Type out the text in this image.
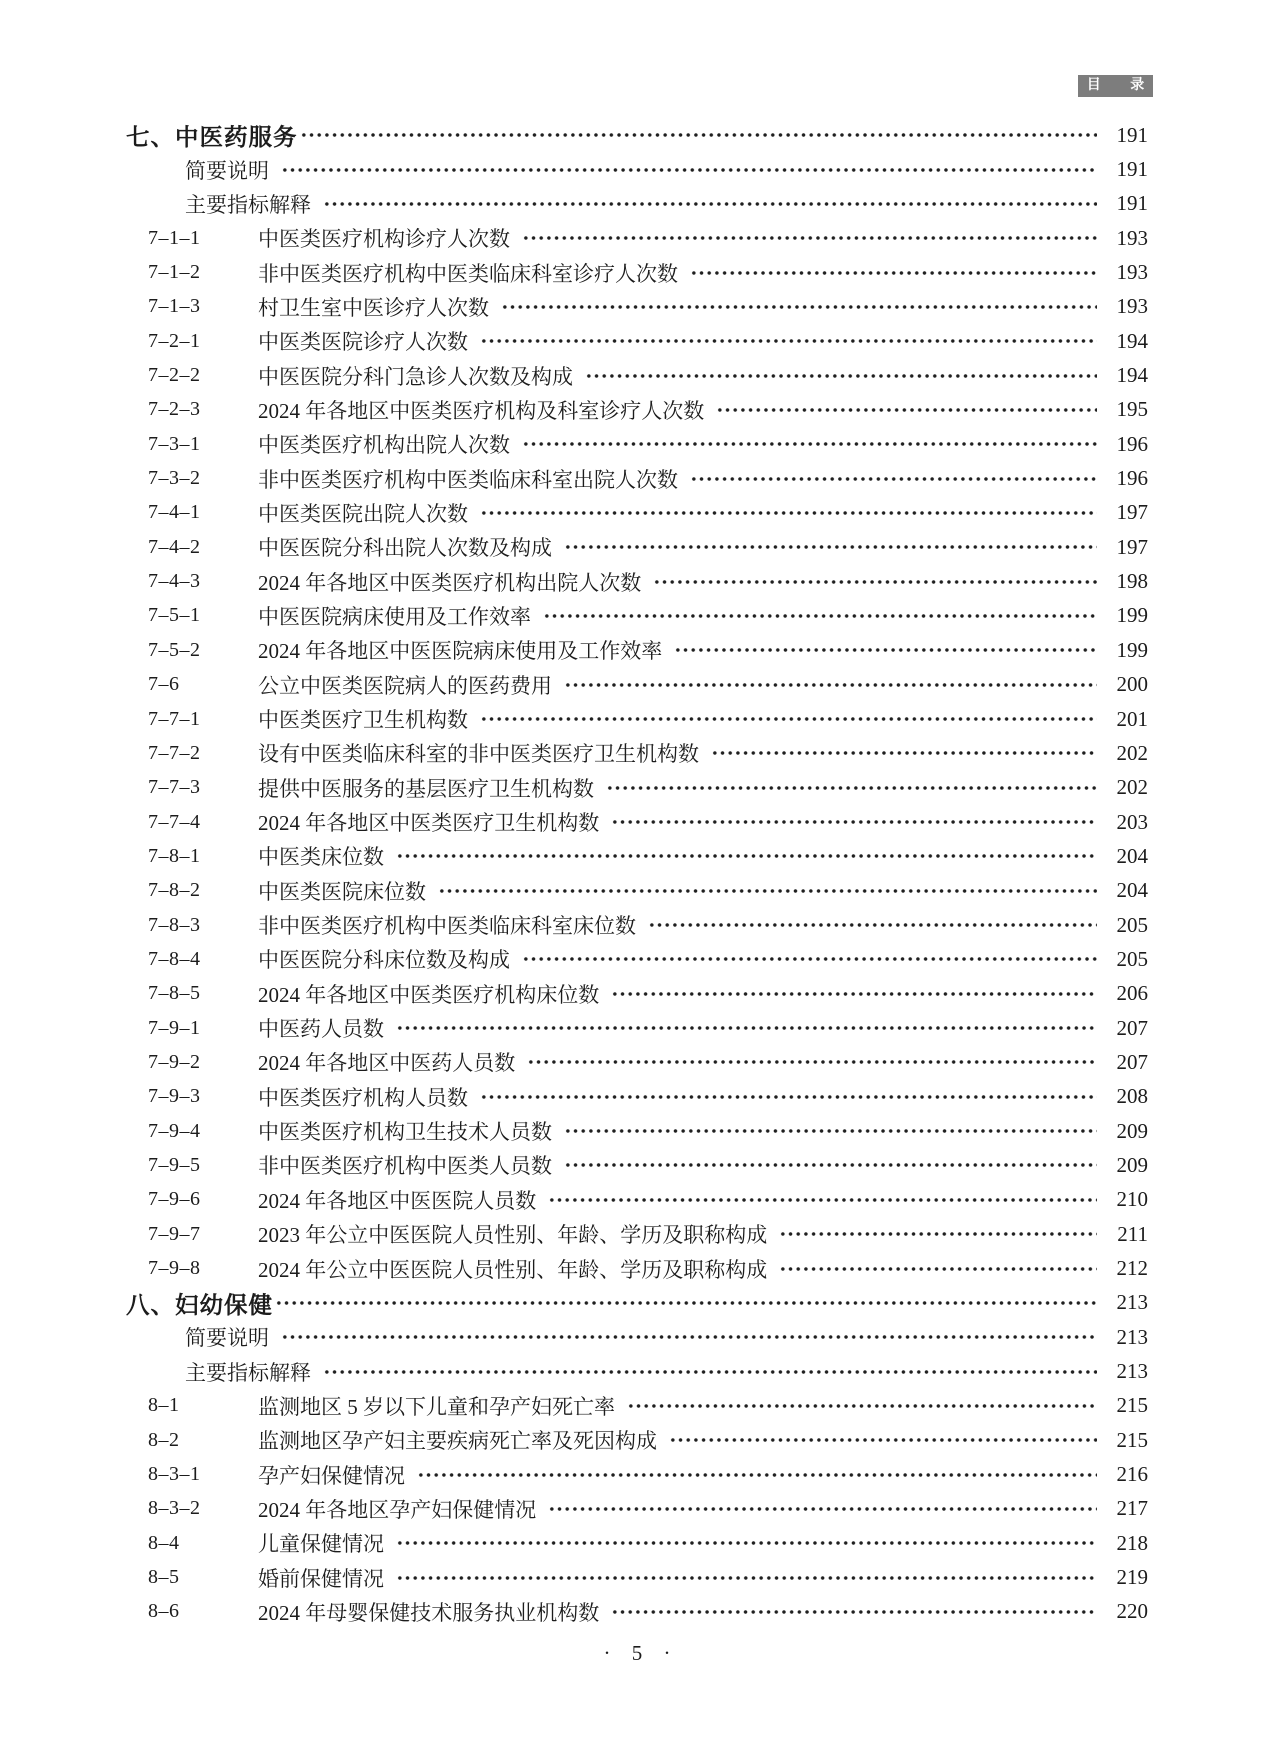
目 录
七、中医药服务	191
简要说明	191
主要指标解释	191
7–1–1	中医类医疗机构诊疗人次数	193
7–1–2	非中医类医疗机构中医类临床科室诊疗人次数	193
7–1–3	村卫生室中医诊疗人次数	193
7–2–1	中医类医院诊疗人次数	194
7–2–2	中医医院分科门急诊人次数及构成	194
7–2–3	2024 年各地区中医类医疗机构及科室诊疗人次数	195
7–3–1	中医类医疗机构出院人次数	196
7–3–2	非中医类医疗机构中医类临床科室出院人次数	196
7–4–1	中医类医院出院人次数	197
7–4–2	中医医院分科出院人次数及构成	197
7–4–3	2024 年各地区中医类医疗机构出院人次数	198
7–5–1	中医医院病床使用及工作效率	199
7–5–2	2024 年各地区中医医院病床使用及工作效率	199
7–6	公立中医类医院病人的医药费用	200
7–7–1	中医类医疗卫生机构数	201
7–7–2	设有中医类临床科室的非中医类医疗卫生机构数	202
7–7–3	提供中医服务的基层医疗卫生机构数	202
7–7–4	2024 年各地区中医类医疗卫生机构数	203
7–8–1	中医类床位数	204
7–8–2	中医类医院床位数	204
7–8–3	非中医类医疗机构中医类临床科室床位数	205
7–8–4	中医医院分科床位数及构成	205
7–8–5	2024 年各地区中医类医疗机构床位数	206
7–9–1	中医药人员数	207
7–9–2	2024 年各地区中医药人员数	207
7–9–3	中医类医疗机构人员数	208
7–9–4	中医类医疗机构卫生技术人员数	209
7–9–5	非中医类医疗机构中医类人员数	209
7–9–6	2024 年各地区中医医院人员数	210
7–9–7	2023 年公立中医医院人员性别、年龄、学历及职称构成	211
7–9–8	2024 年公立中医医院人员性别、年龄、学历及职称构成	212
八、妇幼保健	213
简要说明	213
主要指标解释	213
8–1	监测地区 5 岁以下儿童和孕产妇死亡率	215
8–2	监测地区孕产妇主要疾病死亡率及死因构成	215
8–3–1	孕产妇保健情况	216
8–3–2	2024 年各地区孕产妇保健情况	217
8–4	儿童保健情况	218
8–5	婚前保健情况	219
8–6	2024 年母婴保健技术服务执业机构数	220
· 5 ·
